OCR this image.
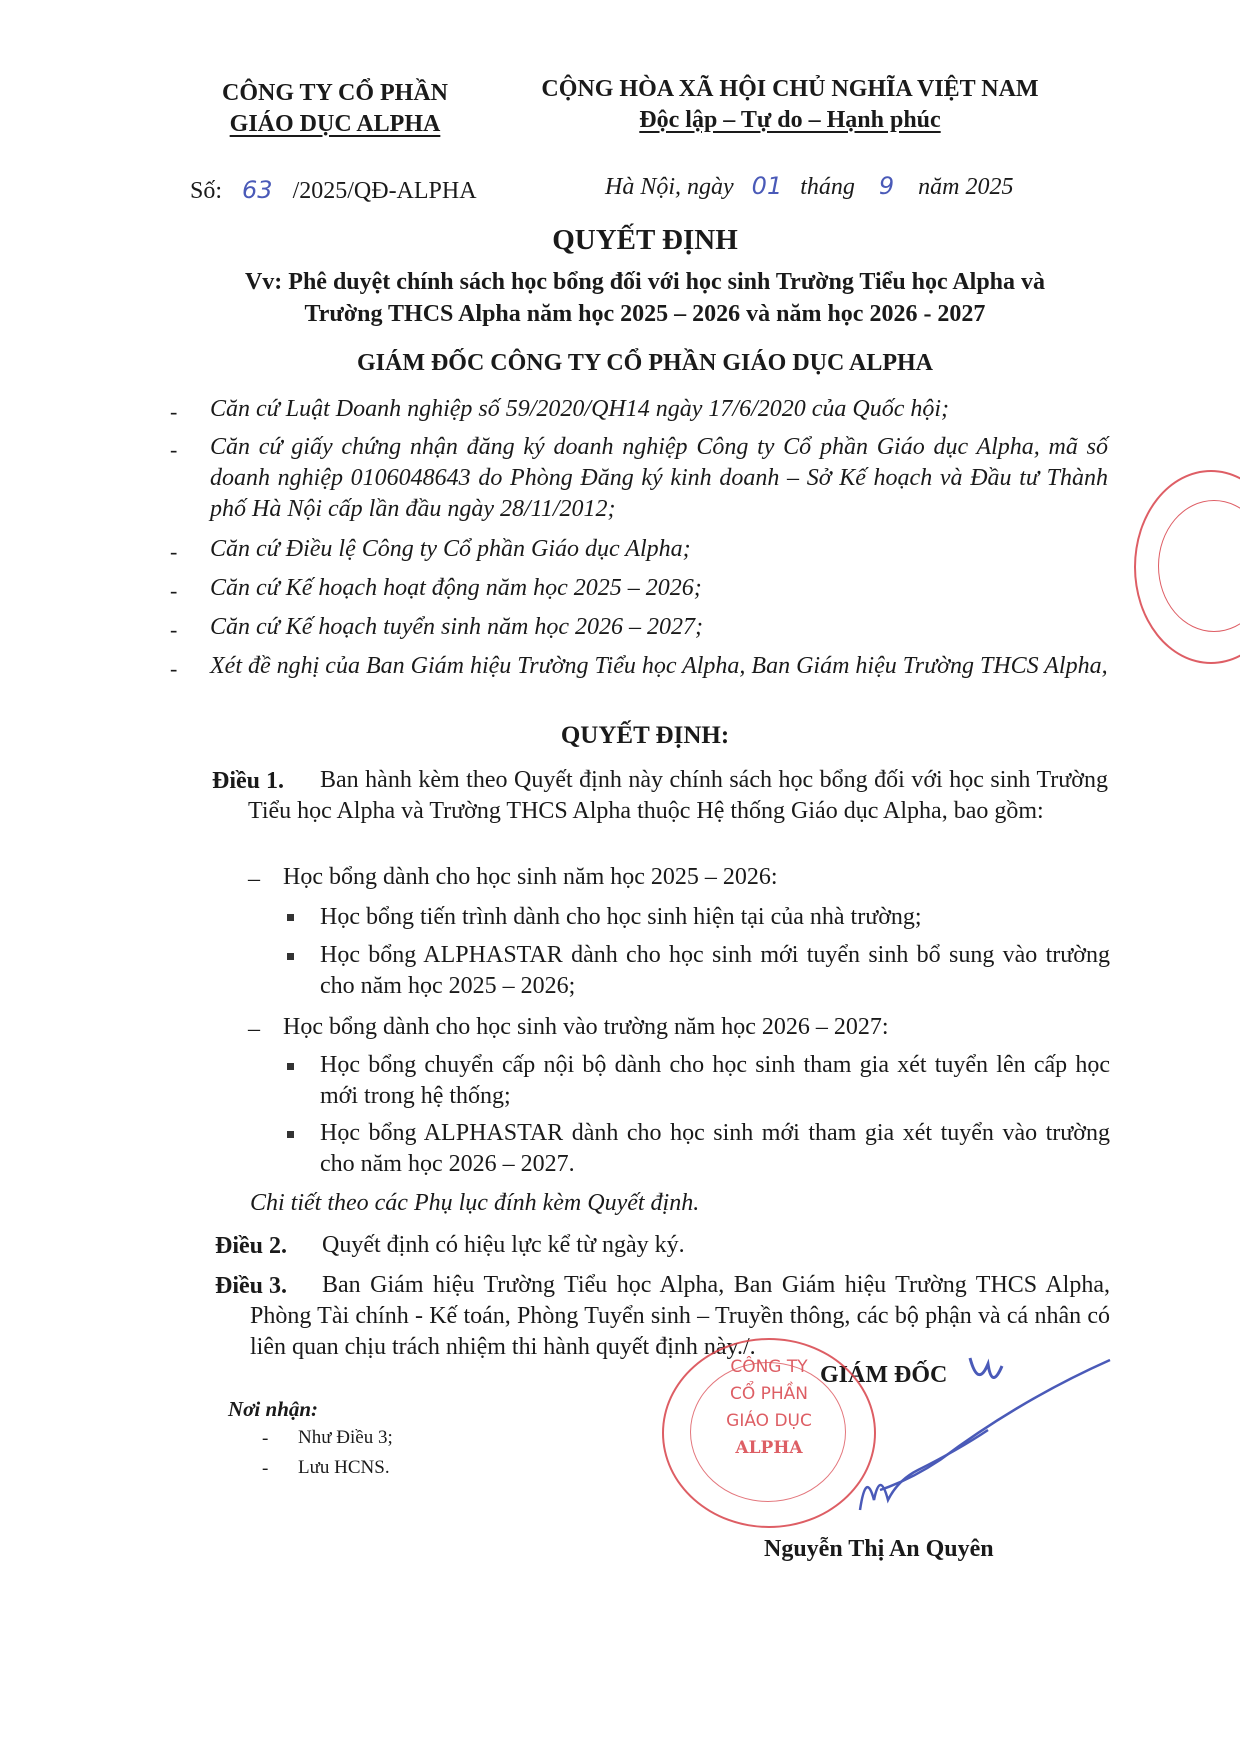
CÔNG TY CỔ PHẦN
GIÁO DỤC ALPHA
CỘNG HÒA XÃ HỘI CHỦ NGHĨA VIỆT NAM
Độc lập – Tự do – Hạnh phúc
Số: 63 /2025/QĐ-ALPHA	Hà Nội, ngày 01 tháng 9 năm 2025
QUYẾT ĐỊNH
Vv: Phê duyệt chính sách học bổng đối với học sinh Trường Tiểu học Alpha và
Trường THCS Alpha năm học 2025 – 2026 và năm học 2026 - 2027
GIÁM ĐỐC CÔNG TY CỔ PHẦN GIÁO DỤC ALPHA
- Căn cứ Luật Doanh nghiệp số 59/2020/QH14 ngày 17/6/2020 của Quốc hội;
- Căn cứ giấy chứng nhận đăng ký doanh nghiệp Công ty Cổ phần Giáo dục Alpha, mã số doanh nghiệp 0106048643 do Phòng Đăng ký kinh doanh – Sở Kế hoạch và Đầu tư Thành phố Hà Nội cấp lần đầu ngày 28/11/2012;
- Căn cứ Điều lệ Công ty Cổ phần Giáo dục Alpha;
- Căn cứ Kế hoạch hoạt động năm học 2025 – 2026;
- Căn cứ Kế hoạch tuyển sinh năm học 2026 – 2027;
- Xét đề nghị của Ban Giám hiệu Trường Tiểu học Alpha, Ban Giám hiệu Trường THCS Alpha,
QUYẾT ĐỊNH:
Điều 1.	Ban hành kèm theo Quyết định này chính sách học bổng đối với học sinh Trường Tiểu học Alpha và Trường THCS Alpha thuộc Hệ thống Giáo dục Alpha, bao gồm:
– Học bổng dành cho học sinh năm học 2025 – 2026:
Học bổng tiến trình dành cho học sinh hiện tại của nhà trường;
Học bổng ALPHASTAR dành cho học sinh mới tuyển sinh bổ sung vào trường cho năm học 2025 – 2026;
– Học bổng dành cho học sinh vào trường năm học 2026 – 2027:
Học bổng chuyển cấp nội bộ dành cho học sinh tham gia xét tuyển lên cấp học mới trong hệ thống;
Học bổng ALPHASTAR dành cho học sinh mới tham gia xét tuyển vào trường cho năm học 2026 – 2027.
Chi tiết theo các Phụ lục đính kèm Quyết định.
Điều 2. Quyết định có hiệu lực kể từ ngày ký.
Điều 3.	Ban Giám hiệu Trường Tiểu học Alpha, Ban Giám hiệu Trường THCS Alpha, Phòng Tài chính - Kế toán, Phòng Tuyển sinh – Truyền thông, các bộ phận và cá nhân có liên quan chịu trách nhiệm thi hành quyết định này./.
Nơi nhận:
- Như Điều 3;
- Lưu HCNS.
GIÁM ĐỐC
Nguyễn Thị An Quyên
CÔNG TY
CỔ PHẦN
GIÁO DỤC
ALPHA
